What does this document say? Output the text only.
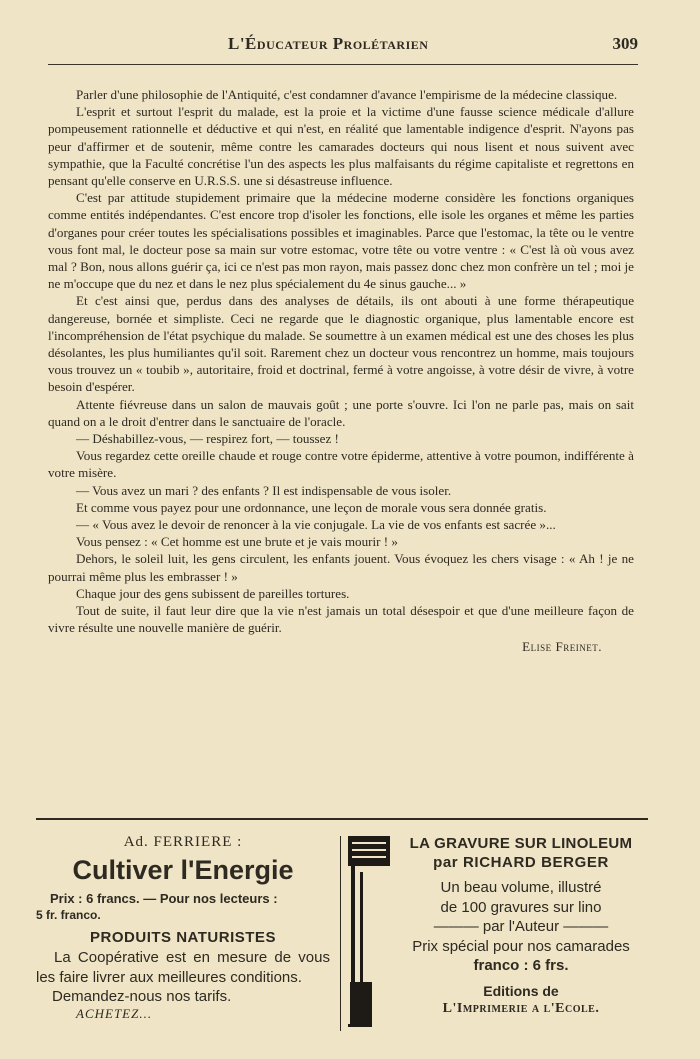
L'Éducateur Prolétarien	309

Parler d'une philosophie de l'Antiquité, c'est condamner d'avance l'empirisme de la médecine classique.

L'esprit et surtout l'esprit du malade, est la proie et la victime d'une fausse science médicale d'allure pompeusement rationnelle et déductive et qui n'est, en réalité que lamentable indigence d'esprit. N'ayons pas peur d'affirmer et de soutenir, même contre les camarades docteurs qui nous lisent et nous suivent avec sympathie, que la Faculté concrétise l'un des aspects les plus malfaisants du régime capitaliste et regrettons en pensant qu'elle conserve en U.R.S.S. une si désastreuse influence.

C'est par attitude stupidement primaire que la médecine moderne considère les fonctions organiques comme entités indépendantes. C'est encore trop d'isoler les fonctions, elle isole les organes et même les parties d'organes pour créer toutes les spécialisations possibles et imaginables. Parce que l'estomac, la tête ou le ventre vous font mal, le docteur pose sa main sur votre estomac, votre tête ou votre ventre : « C'est là où vous avez mal ? Bon, nous allons guérir ça, ici ce n'est pas mon rayon, mais passez donc chez mon confrère un tel ; moi je ne m'occupe que du nez et dans le nez plus spécialement du 4e sinus gauche... »

Et c'est ainsi que, perdus dans des analyses de détails, ils ont abouti à une forme thérapeutique dangereuse, bornée et simpliste. Ceci ne regarde que le diagnostic organique, plus lamentable encore est l'incompréhension de l'état psychique du malade. Se soumettre à un examen médical est une des choses les plus désolantes, les plus humiliantes qu'il soit. Rarement chez un docteur vous rencontrez un homme, mais toujours vous trouvez un « toubib », autoritaire, froid et doctrinal, fermé à votre angoisse, à votre désir de vivre, à votre besoin d'espérer.

Attente fiévreuse dans un salon de mauvais goût ; une porte s'ouvre. Ici l'on ne parle pas, mais on sait quand on a le droit d'entrer dans le sanctuaire de l'oracle.

— Déshabillez-vous, — respirez fort, — toussez !

Vous regardez cette oreille chaude et rouge contre votre épiderme, attentive à votre poumon, indifférente à votre misère.

— Vous avez un mari ? des enfants ? Il est indispensable de vous isoler.

Et comme vous payez pour une ordonnance, une leçon de morale vous sera donnée gratis.

— « Vous avez le devoir de renoncer à la vie conjugale. La vie de vos enfants est sacrée »...

Vous pensez : « Cet homme est une brute et je vais mourir ! »

Dehors, le soleil luit, les gens circulent, les enfants jouent. Vous évoquez les chers visage : « Ah ! je ne pourrai même plus les embrasser ! »

Chaque jour des gens subissent de pareilles tortures.

Tout de suite, il faut leur dire que la vie n'est jamais un total désespoir et que d'une meilleure façon de vivre résulte une nouvelle manière de guérir.

Elise Freinet.

Ad. FERRIERE :
Cultiver l'Energie
Prix : 6 francs. — Pour nos lecteurs :
5 fr. franco.
PRODUITS NATURISTES
La Coopérative est en mesure de vous les faire livrer aux meilleures conditions.
Demandez-nous nos tarifs.
ACHETEZ...
LA GRAVURE SUR LINOLEUM
par RICHARD BERGER
Un beau volume, illustré
de 100 gravures sur lino
——— par l'Auteur ———
Prix spécial pour nos camarades
franco : 6 frs.
Editions de
L'Imprimerie a l'Ecole.
